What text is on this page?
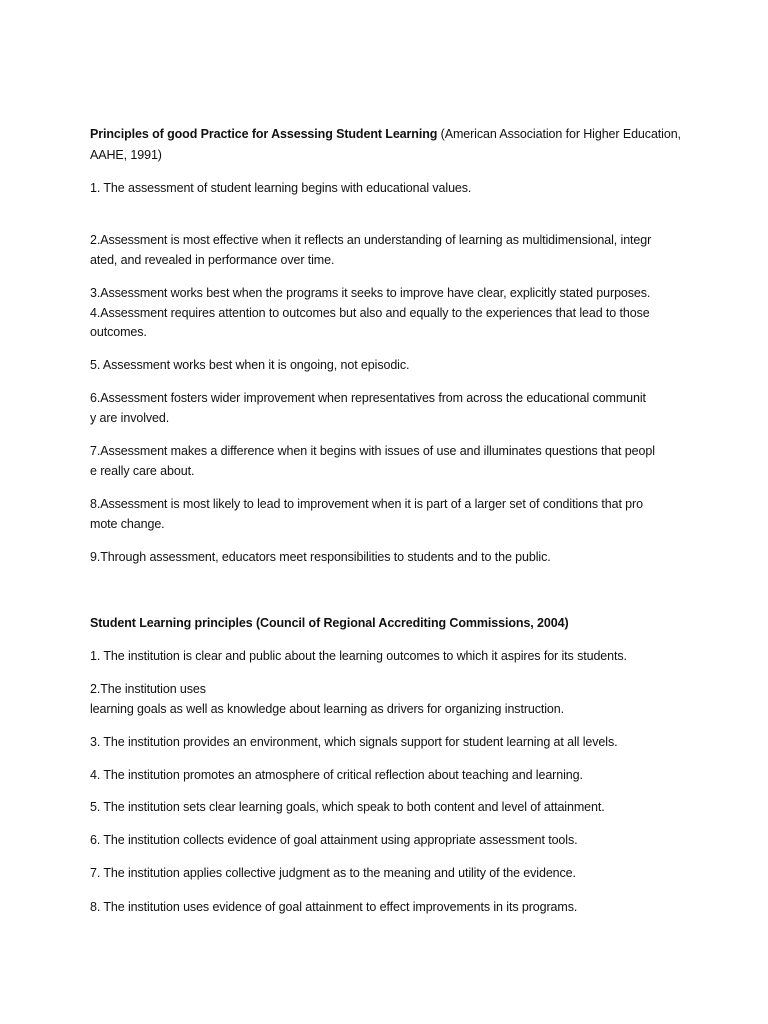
Principles of good Practice for Assessing Student Learning (American Association for Higher Education,
AAHE, 1991)
1. The assessment of student learning begins with educational values.
2.Assessment is most effective when it reflects an understanding of learning as multidimensional, integr
ated, and revealed in performance over time.
3.Assessment works best when the programs it seeks to improve have clear, explicitly stated purposes.
4.Assessment requires attention to outcomes but also and equally to the experiences that lead to those
outcomes.
5. Assessment works best when it is ongoing, not episodic.
6.Assessment fosters wider improvement when representatives from across the educational communit
y are involved.
7.Assessment makes a difference when it begins with issues of use and illuminates questions that peopl
e really care about.
8.Assessment is most likely to lead to improvement when it is part of a larger set of conditions that pro
mote change.
9.Through assessment, educators meet responsibilities to students and to the public.
Student Learning principles (Council of Regional Accrediting Commissions, 2004)
1. The institution is clear and public about the learning outcomes to which it aspires for its students.
2.The institution uses
learning goals as well as knowledge about learning as drivers for organizing instruction.
3. The institution provides an environment, which signals support for student learning at all levels.
4. The institution promotes an atmosphere of critical reflection about teaching and learning.
5. The institution sets clear learning goals, which speak to both content and level of attainment.
6. The institution collects evidence of goal attainment using appropriate assessment tools.
7. The institution applies collective judgment as to the meaning and utility of the evidence.
8. The institution uses evidence of goal attainment to effect improvements in its programs.
